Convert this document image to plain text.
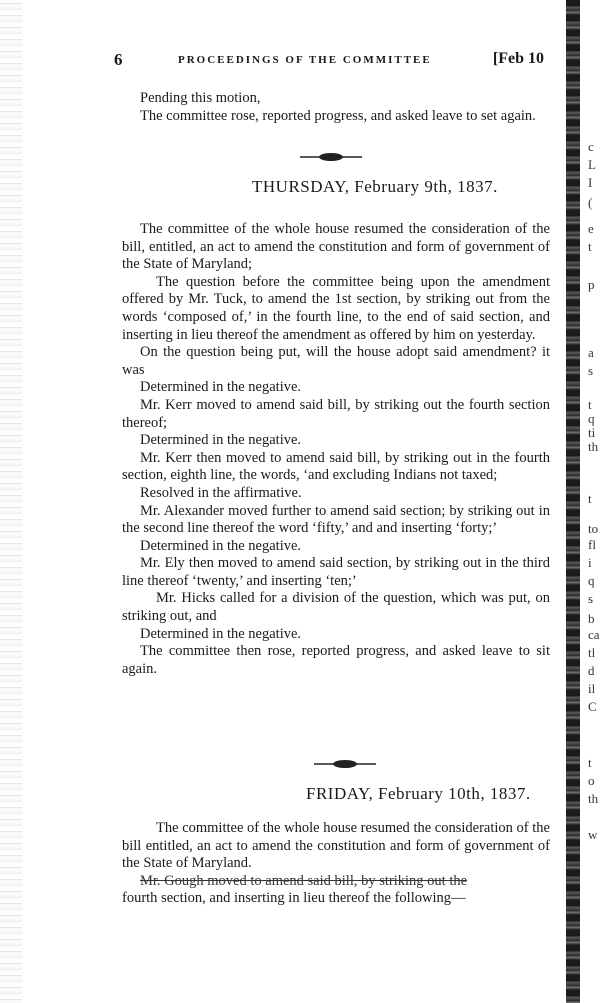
c
L
I
(
e
t
p
a
s
t
q
ti
th
t
to
fl
i
q
s
b
ca
tl
d
il
C
t
o
th
w
6	PROCEEDINGS OF THE COMMITTEE	[Feb 10

Pending this motion,

The committee rose, reported progress, and asked leave to set again.

THURSDAY, February 9th, 1837.

The committee of the whole house resumed the consideration of the bill, entitled, an act to amend the constitution and form of government of the State of Maryland;

The question before the committee being upon the amendment offered by Mr. Tuck, to amend the 1st section, by striking out from the words ‘composed of,’ in the fourth line, to the end of said section, and inserting in lieu thereof the amendment as offered by him on yesterday.

On the question being put, will the house adopt said amendment? it was

Determined in the negative.

Mr. Kerr moved to amend said bill, by striking out the fourth section thereof;

Determined in the negative.

Mr. Kerr then moved to amend said bill, by striking out in the fourth section, eighth line, the words, ‘and excluding Indians not taxed;

Resolved in the affirmative.

Mr. Alexander moved further to amend said section; by striking out in the second line thereof the word ‘fifty,’ and and inserting ‘forty;’

Determined in the negative.

Mr. Ely then moved to amend said section, by striking out in the third line thereof ‘twenty,’ and inserting ‘ten;’

Mr. Hicks called for a division of the question, which was put, on striking out, and

Determined in the negative.

The committee then rose, reported progress, and asked leave to sit again.

FRIDAY, February 10th, 1837.

The committee of the whole house resumed the consideration of the bill entitled, an act to amend the constitution and form of government of the State of Maryland.

Mr. Gough moved to amend said bill, by striking out the

fourth section, and inserting in lieu thereof the following—
